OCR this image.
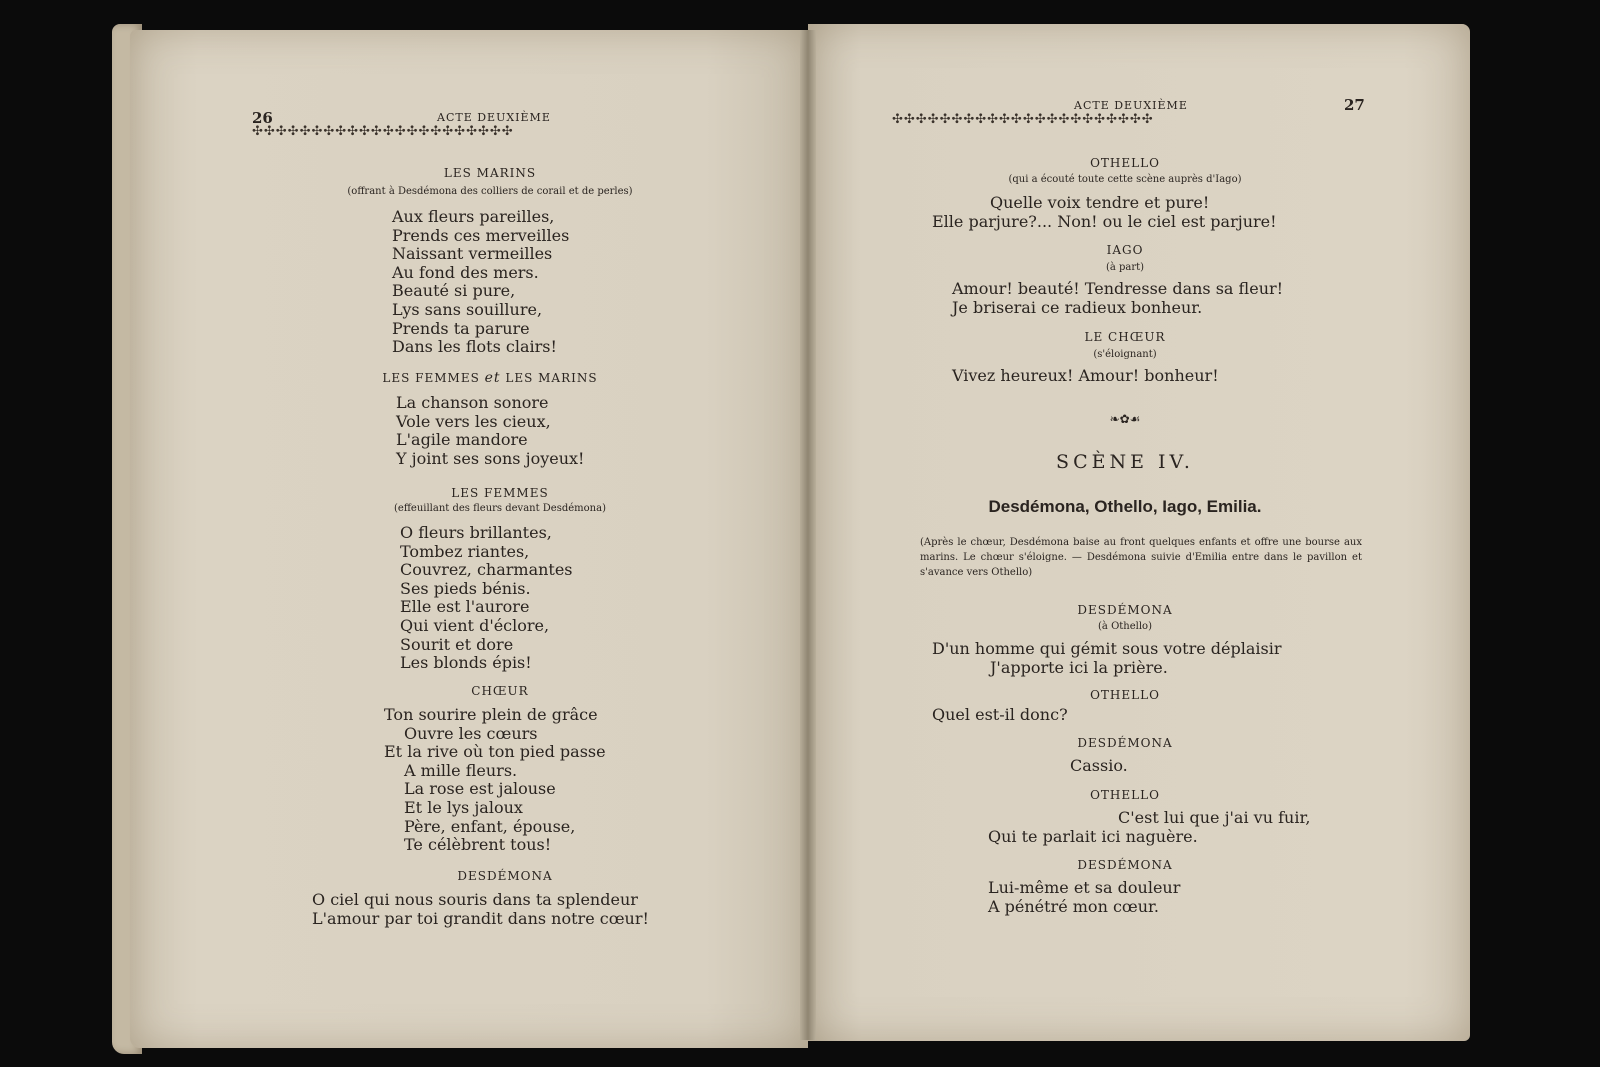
26	ACTE DEUXIÈME
✣✣✣✣✣✣✣✣✣✣✣✣✣✣✣✣✣✣✣✣✣✣
LES MARINS
(offrant à Desdémona des colliers de corail et de perles)
Aux fleurs pareilles,
Prends ces merveilles
Naissant vermeilles
Au fond des mers.
Beauté si pure,
Lys sans souillure,
Prends ta parure
Dans les flots clairs!
LES FEMMES et LES MARINS
La chanson sonore
Vole vers les cieux,
L'agile mandore
Y joint ses sons joyeux!
LES FEMMES
(effeuillant des fleurs devant Desdémona)
O fleurs brillantes,
Tombez riantes,
Couvrez, charmantes
Ses pieds bénis.
Elle est l'aurore
Qui vient d'éclore,
Sourit et dore
Les blonds épis!
CHŒUR
Ton sourire plein de grâce
Ouvre les cœurs
Et la rive où ton pied passe
A mille fleurs.
La rose est jalouse
Et le lys jaloux
Père, enfant, épouse,
Te célèbrent tous!
DESDÉMONA
O ciel qui nous souris dans ta splendeur
L'amour par toi grandit dans notre cœur!
ACTE DEUXIÈME	27
✣✣✣✣✣✣✣✣✣✣✣✣✣✣✣✣✣✣✣✣✣✣
OTHELLO
(qui a écouté toute cette scène auprès d'Iago)
Quelle voix tendre et pure!
Elle parjure?... Non! ou le ciel est parjure!
IAGO
(à part)
Amour! beauté! Tendresse dans sa fleur!
Je briserai ce radieux bonheur.
LE CHŒUR
(s'éloignant)
Vivez heureux! Amour! bonheur!
❧✿☙
SCÈNE IV.
Desdémona, Othello, Iago, Emilia.
(Après le chœur, Desdémona baise au front quelques enfants et offre une bourse aux marins. Le chœur s'éloigne. — Desdémona suivie d'Emilia entre dans le pavillon et s'avance vers Othello)
DESDÉMONA
(à Othello)
D'un homme qui gémit sous votre déplaisir
J'apporte ici la prière.
OTHELLO
Quel est-il donc?
DESDÉMONA
Cassio.
OTHELLO
C'est lui que j'ai vu fuir,
Qui te parlait ici naguère.
DESDÉMONA
Lui-même et sa douleur
A pénétré mon cœur.
